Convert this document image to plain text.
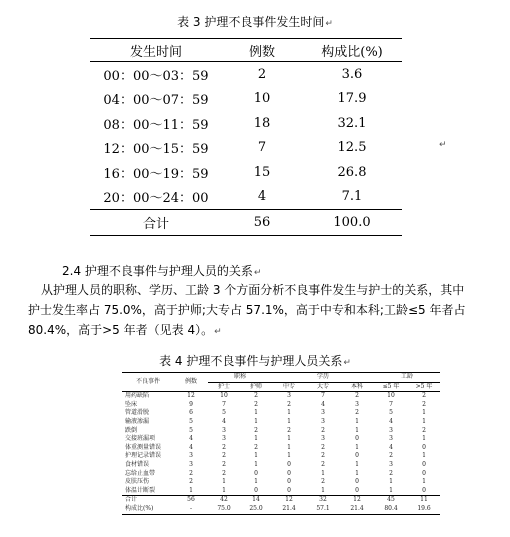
表 3 护理不良事件发生时间↵
发生时间	例数	构成比(%)
00：00～03：59	2	3.6
04：00～07：59	10	17.9
08：00～11：59	18	32.1
12：00～15：59	7	12.5
16：00～19：59	15	26.8
20：00～24：00	4	7.1
合计	56	100.0
↵
2.4 护理不良事件与护理人员的关系↵

从护理人员的职称、学历、工龄 3 个方面分析不良事件发生与护士的关系，其中

护士发生率占 75.0%，高于护师;大专占 57.1%，高于中专和本科;工龄≤5 年者占

80.4%，高于>5 年者（见表 4）。↵

表 4 护理不良事件与护理人员关系↵
不良事件	例数	职称		学历			工龄	
		护士	护师	中专	大专	本科	≤5 年	>5 年
用药缺陷	12	10	2	3	7	2	10	2
坠床	9	7	2	2	4	3	7	2
管道滑脱	6	5	1	1	3	2	5	1
输液渗漏	5	4	1	1	3	1	4	1
跌倒	5	3	2	2	2	1	3	2
交接班漏项	4	3	1	1	3	0	3	1
体重测量错误	4	2	2	1	2	1	4	0
护理记录错误	3	2	1	1	2	0	2	1
食材错误	3	2	1	0	2	1	3	0
忘给止血带	2	2	0	0	1	1	2	0
皮肤压伤	2	1	1	0	2	0	1	1
体温计断裂	1	1	0	0	1	0	1	0
合计	56	42	14	12	32	12	45	11
构成比(%)	-	75.0	25.0	21.4	57.1	21.4	80.4	19.6
